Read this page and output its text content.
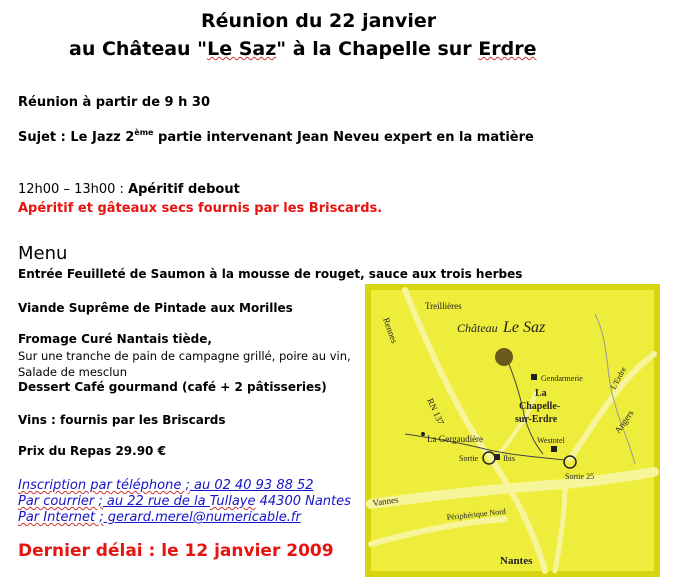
Réunion du 22 janvier
au Château "Le Saz" à la Chapelle sur Erdre
Réunion à partir de 9 h 30
Sujet : Le Jazz 2ème partie intervenant Jean Neveu expert en la matière
12h00 – 13h00 : Apéritif debout
Apéritif et gâteaux secs fournis par les Briscards.
Menu
Entrée Feuilleté de Saumon à la mousse de rouget, sauce aux trois herbes
Viande Suprême de Pintade aux Morilles
Fromage Curé Nantais tiède,
Sur une tranche de pain de campagne grillé, poire au vin,
Salade de mesclun
Dessert Café gourmand (café + 2 pâtisseries)
Vins : fournis par les Briscards
Prix du Repas 29.90 €
Inscription par téléphone ; au 02 40 93 88 52
Par courrier ; au 22 rue de la Tullaye 44300 Nantes
Par Internet ; gerard.merel@numericable.fr
Dernier délai : le 12 janvier 2009
Rennes
Treillières
Château Le Saz
Gendarmerie
La
Chapelle-
sur-Erdre
RN 137
L'Erdre
Angers
La Gergaudière	Westotel
Sortie	Ibis
Sortie 25
Vannes
Périphérique Nord
Nantes
